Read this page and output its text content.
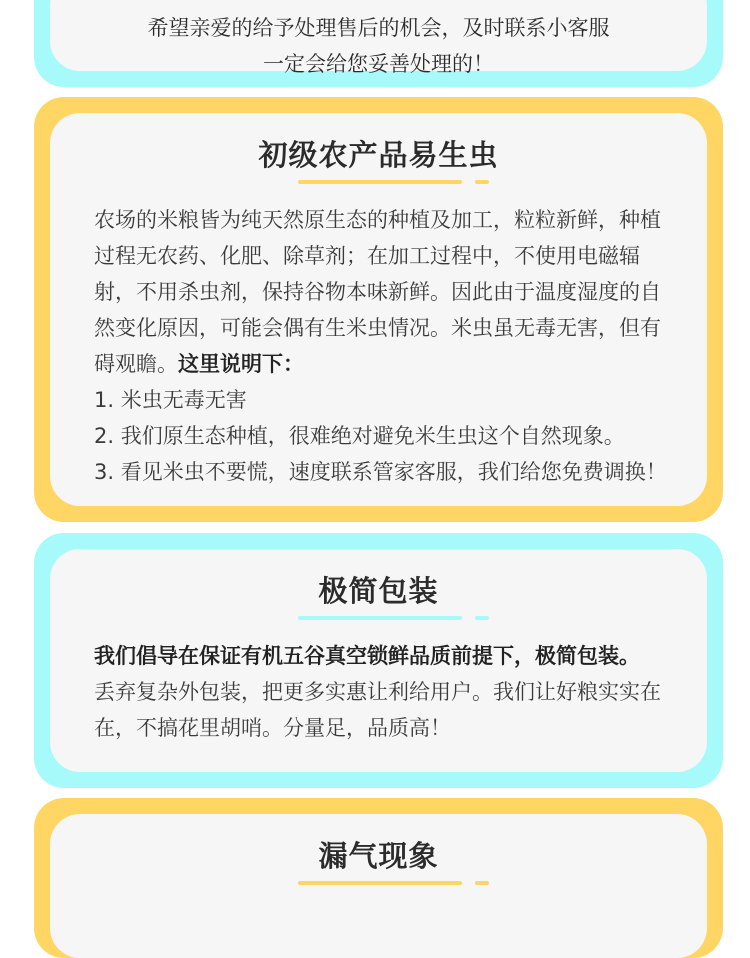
希望亲爱的给予处理售后的机会，及时联系小客服
一定会给您妥善处理的！
初级农产品易生虫

农场的米粮皆为纯天然原生态的种植及加工，粒粒新鲜，种植过程无农药、化肥、除草剂；在加工过程中，不使用电磁辐射，不用杀虫剂，保持谷物本味新鲜。因此由于温度湿度的自然变化原因，可能会偶有生米虫情况。米虫虽无毒无害，但有碍观瞻。这里说明下：

1. 米虫无毒无害

2. 我们原生态种植，很难绝对避免米生虫这个自然现象。

3. 看见米虫不要慌，速度联系管家客服，我们给您免费调换！

极简包装

我们倡导在保证有机五谷真空锁鲜品质前提下，极简包装。

丢弃复杂外包装，把更多实惠让利给用户。我们让好粮实实在在，不搞花里胡哨。分量足，品质高！

漏气现象
